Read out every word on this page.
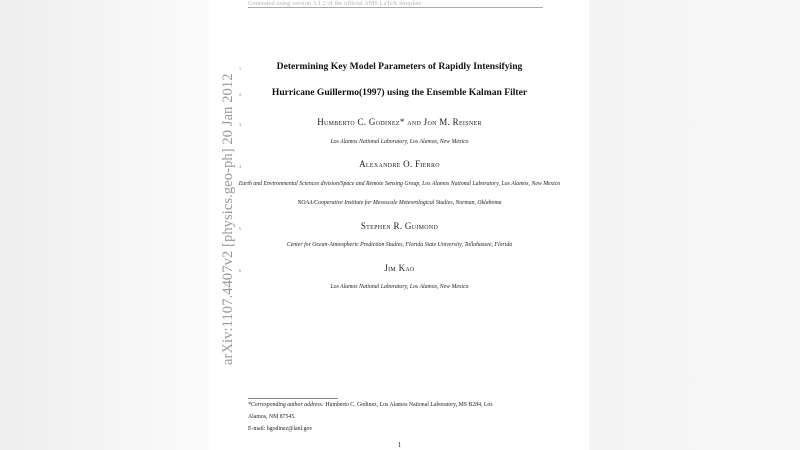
Generated using version 3.1.2 of the official AMS LaTeX template
1
2
3
4
5
6
Determining Key Model Parameters of Rapidly Intensifying
Hurricane Guillermo(1997) using the Ensemble Kalman Filter
Humberto C. Godinez* and Jon M. Reisner
Los Alamos National Laboratory, Los Alamos, New Mexico
Alexandre O. Fierro
Earth and Environmental Sciences division/Space and Remote Sensing Group, Los Alamos National Laboratory, Los Alamos, New Mexico
NOAA/Cooperative Institute for Mesoscale Meteorological Studies, Norman, Oklahoma
Stephen R. Guimond
Center for Ocean-Atmospheric Prediction Studies, Florida State University, Tallahassee, Florida
Jim Kao
Los Alamos National Laboratory, Los Alamos, New Mexico
*Corresponding author address: Humberto C. Godinez, Los Alamos National Laboratory, MS B284, Los
Alamos, NM 87545.
E-mail: hgodinez@lanl.gov
1
arXiv:1107.4407v2 [physics.geo-ph] 20 Jan 2012
